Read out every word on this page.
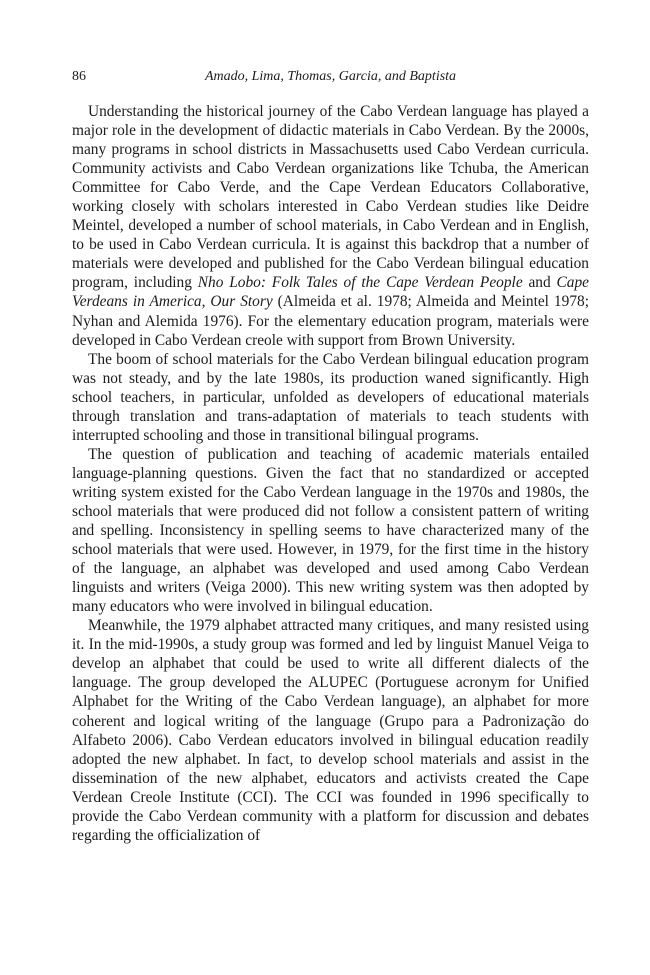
86	Amado, Lima, Thomas, Garcia, and Baptista

Understanding the historical journey of the Cabo Verdean language has played a major role in the development of didactic materials in Cabo Verdean. By the 2000s, many programs in school districts in Massachusetts used Cabo Verdean curricula. Community activists and Cabo Verdean organizations like Tchuba, the American Committee for Cabo Verde, and the Cape Verdean Educators Collaborative, working closely with scholars interested in Cabo Verdean studies like Deidre Meintel, developed a number of school materials, in Cabo Verdean and in English, to be used in Cabo Verdean curricula. It is against this backdrop that a number of materials were developed and published for the Cabo Verdean bilingual education program, including Nho Lobo: Folk Tales of the Cape Verdean People and Cape Verdeans in America, Our Story (Almeida et al. 1978; Almeida and Meintel 1978; Nyhan and Alemida 1976). For the elementary education program, materials were developed in Cabo Verdean creole with support from Brown University.

The boom of school materials for the Cabo Verdean bilingual education program was not steady, and by the late 1980s, its production waned significantly. High school teachers, in particular, unfolded as developers of educational materials through translation and trans-adaptation of materials to teach students with interrupted schooling and those in transitional bilingual programs.

The question of publication and teaching of academic materials entailed language-planning questions. Given the fact that no standardized or accepted writing system existed for the Cabo Verdean language in the 1970s and 1980s, the school materials that were produced did not follow a consistent pattern of writing and spelling. Inconsistency in spelling seems to have characterized many of the school materials that were used. However, in 1979, for the first time in the history of the language, an alphabet was developed and used among Cabo Verdean linguists and writers (Veiga 2000). This new writing system was then adopted by many educators who were involved in bilingual education.

Meanwhile, the 1979 alphabet attracted many critiques, and many resisted using it. In the mid-1990s, a study group was formed and led by linguist Manuel Veiga to develop an alphabet that could be used to write all different dialects of the language. The group developed the ALUPEC (Portuguese acronym for Unified Alphabet for the Writing of the Cabo Verdean language), an alphabet for more coherent and logical writing of the language (Grupo para a Padronização do Alfabeto 2006). Cabo Verdean educators involved in bilingual education readily adopted the new alphabet. In fact, to develop school materials and assist in the dissemination of the new alphabet, educators and activists created the Cape Verdean Creole Institute (CCI). The CCI was founded in 1996 specifically to provide the Cabo Verdean community with a platform for discussion and debates regarding the officialization of
